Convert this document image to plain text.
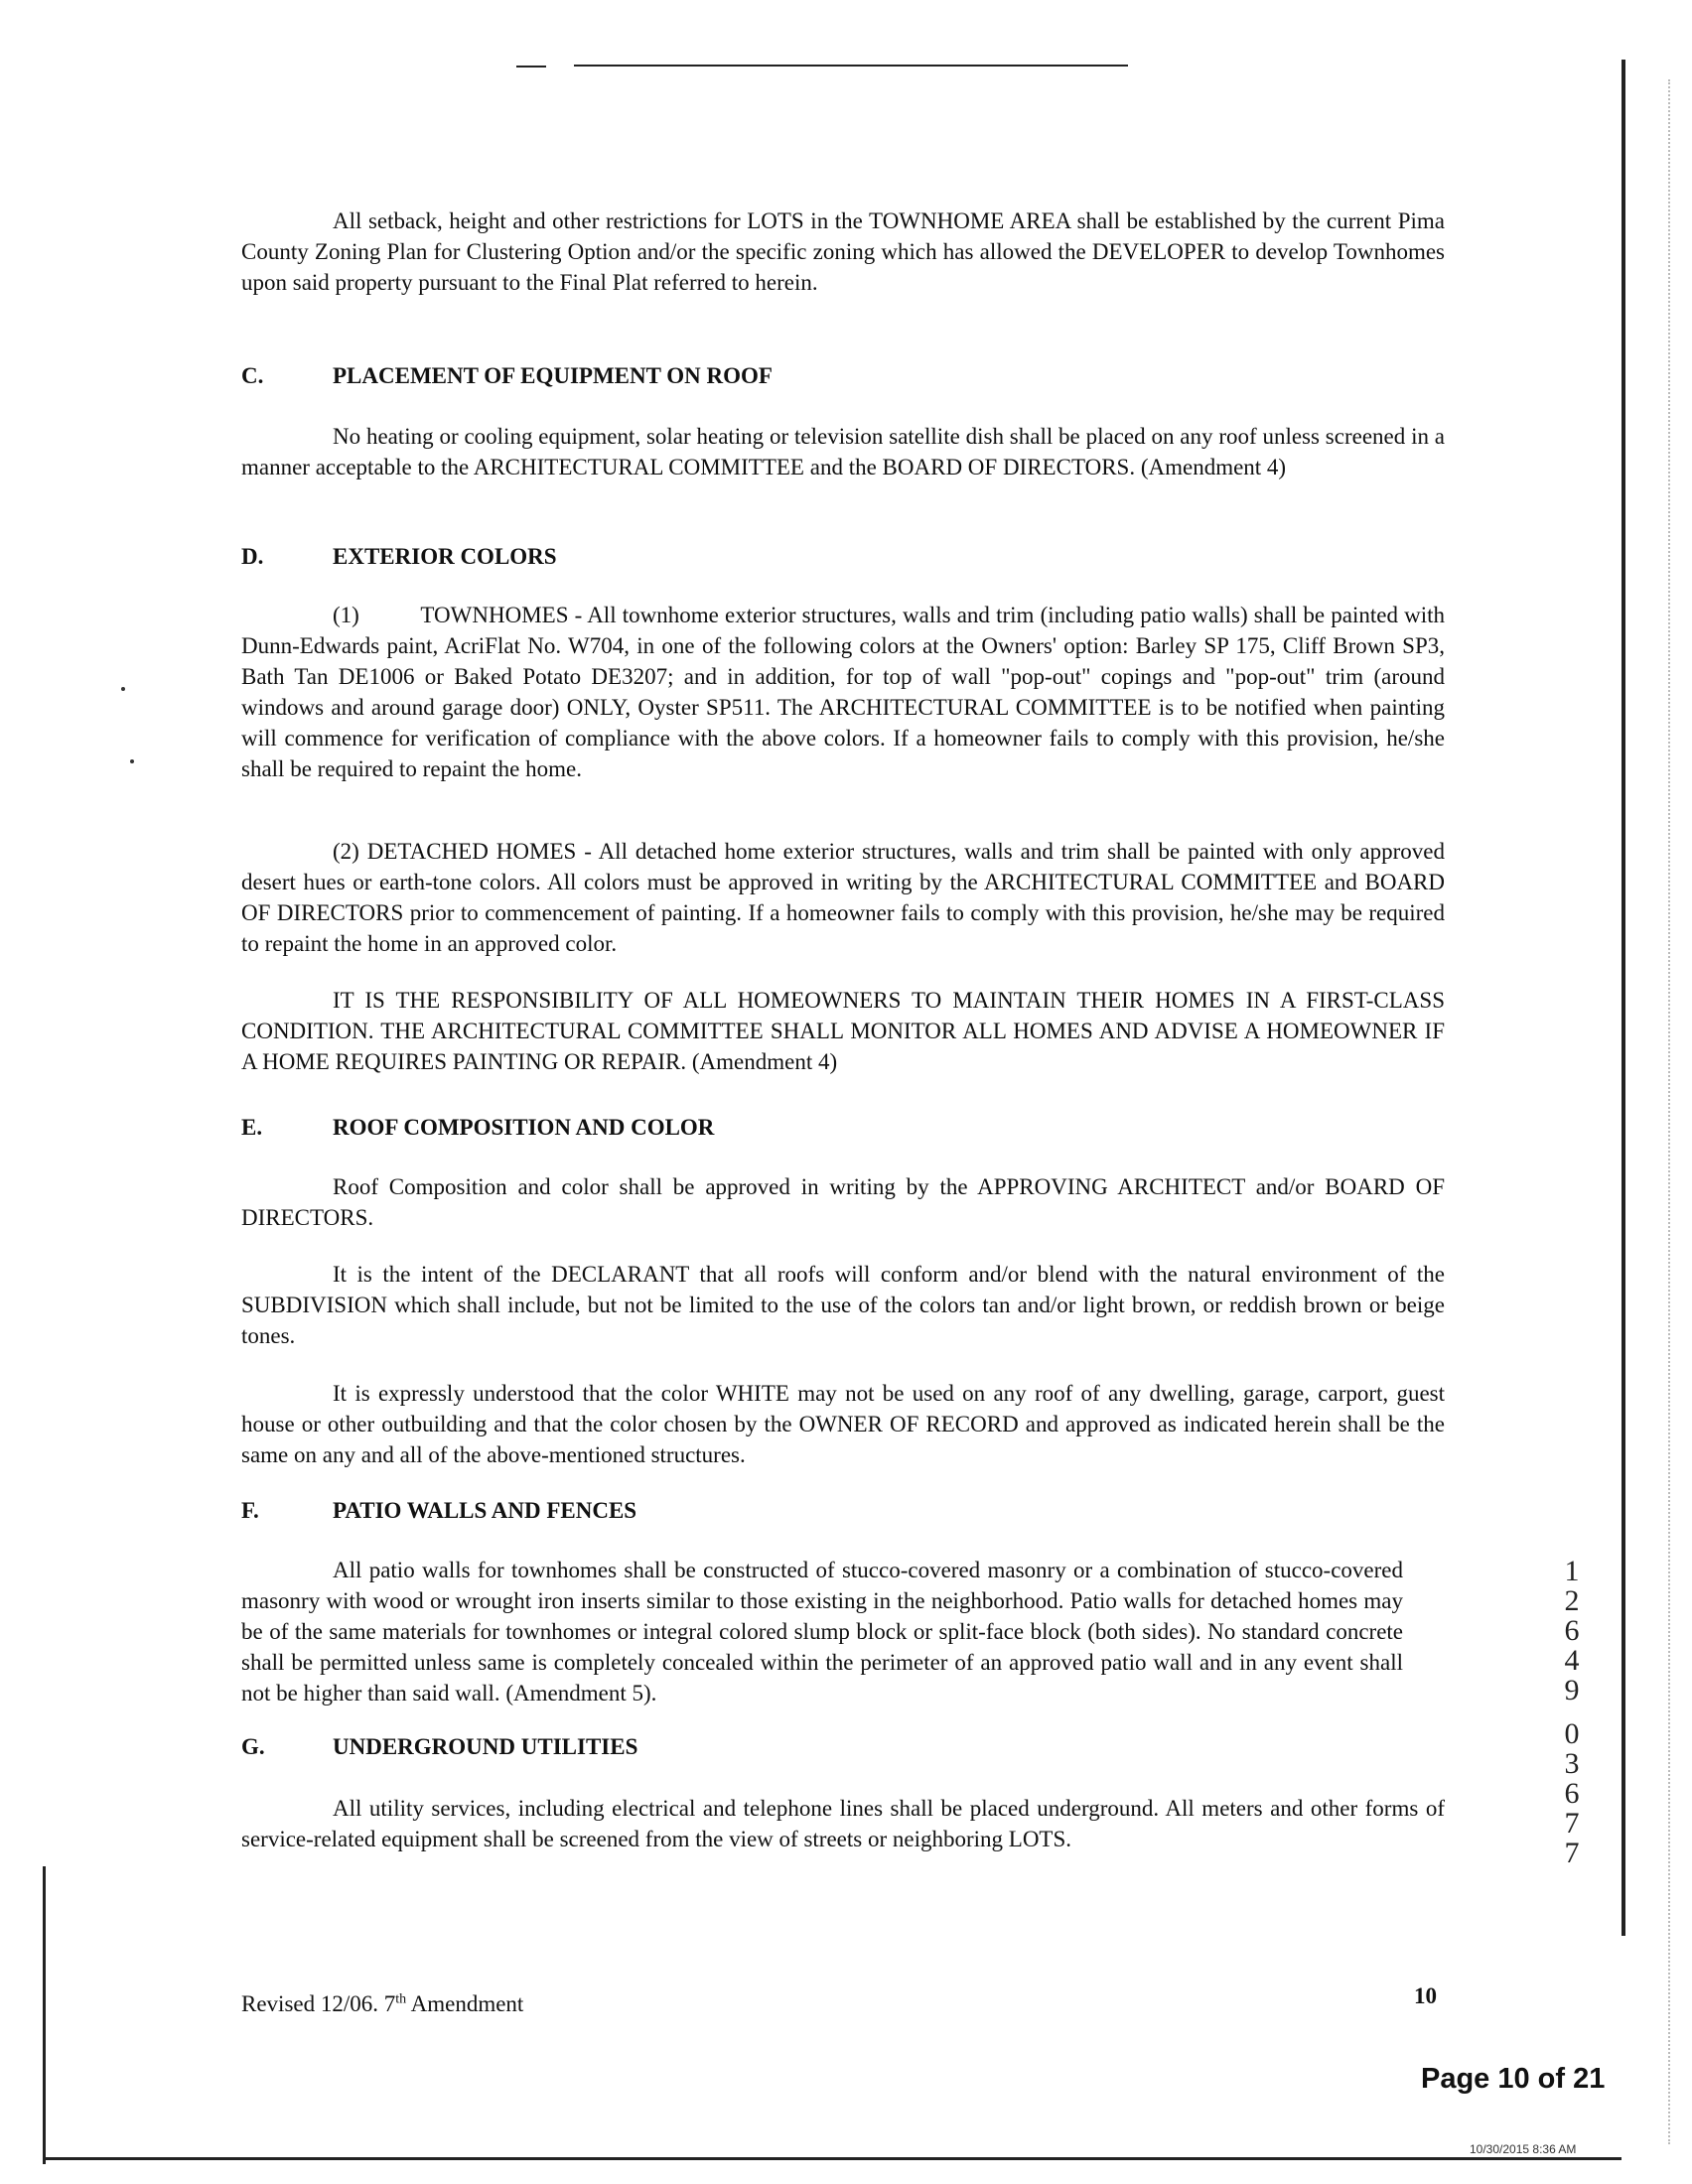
All setback, height and other restrictions for LOTS in the TOWNHOME AREA shall be established by the current Pima County Zoning Plan for Clustering Option and/or the specific zoning which has allowed the DEVELOPER to develop Townhomes upon said property pursuant to the Final Plat referred to herein.

C.	PLACEMENT OF EQUIPMENT ON ROOF

No heating or cooling equipment, solar heating or television satellite dish shall be placed on any roof unless screened in a manner acceptable to the ARCHITECTURAL COMMITTEE and the BOARD OF DIRECTORS. (Amendment 4)

D.	EXTERIOR COLORS

(1)          TOWNHOMES - All townhome exterior structures, walls and trim (including patio walls) shall be painted with Dunn-Edwards paint, AcriFlat No. W704, in one of the following colors at the Owners' option: Barley SP 175, Cliff Brown SP3, Bath Tan DE1006 or Baked Potato DE3207; and in addition, for top of wall "pop-out" copings and "pop-out" trim (around windows and around garage door) ONLY, Oyster SP511. The ARCHITECTURAL COMMITTEE is to be notified when painting will commence for verification of compliance with the above colors. If a homeowner fails to comply with this provision, he/she shall be required to repaint the home.

(2) DETACHED HOMES - All detached home exterior structures, walls and trim shall be painted with only approved desert hues or earth-tone colors. All colors must be approved in writing by the ARCHITECTURAL COMMITTEE and BOARD OF DIRECTORS prior to commencement of painting. If a homeowner fails to comply with this provision, he/she may be required to repaint the home in an approved color.

IT IS THE RESPONSIBILITY OF ALL HOMEOWNERS TO MAINTAIN THEIR HOMES IN A FIRST-CLASS CONDITION. THE ARCHITECTURAL COMMITTEE SHALL MONITOR ALL HOMES AND ADVISE A HOMEOWNER IF A HOME REQUIRES PAINTING OR REPAIR. (Amendment 4)

E.	ROOF COMPOSITION AND COLOR

Roof Composition and color shall be approved in writing by the APPROVING ARCHITECT and/or BOARD OF DIRECTORS.

It is the intent of the DECLARANT that all roofs will conform and/or blend with the natural environment of the SUBDIVISION which shall include, but not be limited to the use of the colors tan and/or light brown, or reddish brown or beige tones.

It is expressly understood that the color WHITE may not be used on any roof of any dwelling, garage, carport, guest house or other outbuilding and that the color chosen by the OWNER OF RECORD and approved as indicated herein shall be the same on any and all of the above-mentioned structures.

F.	PATIO WALLS AND FENCES

All patio walls for townhomes shall be constructed of stucco-covered masonry or a combination of stucco-covered masonry with wood or wrought iron inserts similar to those existing in the neighborhood. Patio walls for detached homes may be of the same materials for townhomes or integral colored slump block or split-face block (both sides). No standard concrete shall be permitted unless same is completely concealed within the perimeter of an approved patio wall and in any event shall not be higher than said wall. (Amendment 5).

G.	UNDERGROUND UTILITIES

All utility services, including electrical and telephone lines shall be placed underground. All meters and other forms of service-related equipment shall be screened from the view of streets or neighboring LOTS.

1
2
6
4
9
0
3
6
7
7
Revised 12/06. 7th Amendment	10
Page 10 of 21
10/30/2015 8:36 AM
